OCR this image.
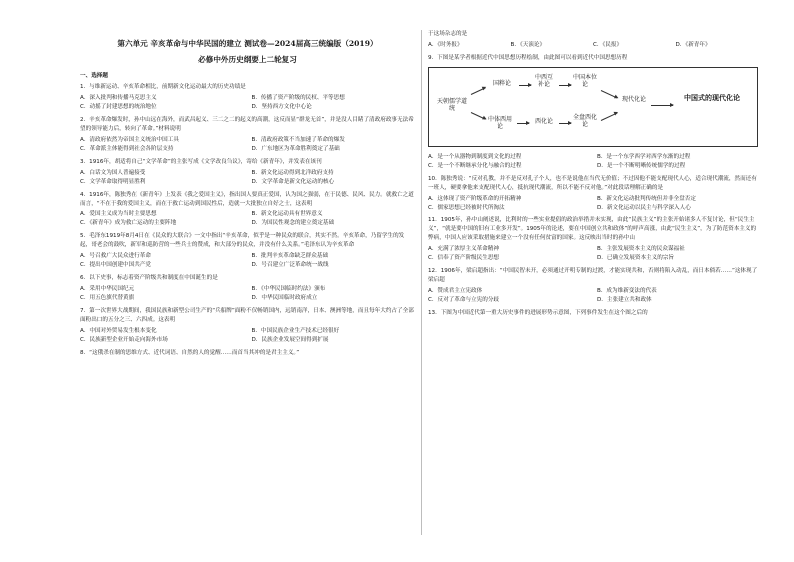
第六单元 辛亥革命与中华民国的建立 测试卷—2024届高三统编版（2019）
必修中外历史纲要上二轮复习
一、选择题

1．与维新运动、辛亥革命相比，前期新文化运动最大的历史功绩是

A．深入批判和传播马克思主义	B．传播了资产阶级的民权、平等思想
C．动摇了封建思想的统治地位	D．坚持西方文化中心论

2．辛亥革命爆发时，孙中山远在海外，而武昌起义、三二之二的起义的高潮，这反而显“群龙无首”，并是没人目睹了清政府政事无法希望的领导能力后，转向了革命。”材料说明

A．清政府依然为帝国主义统治中国工具	B．清政府政策不当加速了革命的爆发
C．革命派主体能得到社会各阶层支持	D．广东地区为革命胜利奠定了基础

3．1916年，胡适将自己“文学革命”的主张写成《文学改良刍议》，寄给《新青年》，并发表在该刊

A．白话文为国人普遍接受	B．新文化运动得到北洋政府支持
C．文学革命取得明显胜利	D．文学革命是新文化运动的核心

4．1916年，陈独秀在《新青年》上发表《我之爱国主义》，指出国人要真正爱国，认为国之强弱，在于民德、民风、民力。就救亡之道而言，“不在于我的爱国主义，而在于救亡运动到国民性后，造就一大批独立自好之士，这表明

A．爱国主义成为当时主要思想	B．新文化运动具有世界意义
C．《新青年》成为救亡运动的主要阵地	D．为国民性观念的建立奠定基础

5．毛泽东1919年8月4日在《民众的大联合》一文中指出“辛亥革命，似乎是一种民众的联合，其实不然。辛亥革命，乃留学生的发起，哥老会的鼓吹，新军和巡防营的一些兵士的赞成，和大部分的民众，并没有什么关系。”毛泽东认为辛亥革命

A．号召救广大民众进行革命	B．批判辛亥革命缺乏群众基础
C．提出中国创建中国共产党	D．号召建立广泛革命统一战线

6．以下史事，标志着资产阶级共和制度在中国诞生的是

A．采用中华民国纪元	B．《中华民国临时约法》颁布
C．用五色旗代替黄旗	D．中华民国临时政府成立

7．第一次世界大战期间，我国民族和新型公司生产的“兵船牌”面粉不仅畅销国内，远销南洋，日本、澳洲等地，而且每年大约占了全部面粉出口的五分之三、六四成。这表明

A．中国对外贸易发生根本变化	B．中国民族企业生产技术已经很好
C．民族新型企业开始走向海外市场	D．民族企业发展空间得到扩展

8．“这俄杀在制的思维方式、近代词语、自然的人的觉醒……而首当其冲的是君主主义。”

于这场杂志的是

A．《时务报》	B．《天演论》	C．《民报》	D．《新青年》

9．下图是某学者根据近代中国思想历程绘制，由此图可以看到近代中国思想历程

天朝儒学道统
国粹论
中西互补论
中国本位论
中体西用论
西化论
全盘西化论
现代化论	中国式的现代化论
A．是一个从器物到制度到文化的过程	B．是一个东学西学对西学东渐的过程
C．是一个不断继承分化与融合的过程	D．是一个不断明晰传统儒学的过程

10．陈独秀说：“反对孔教，并不是反对孔子个人，也不是说他在当代无价值；不过因他不能支配现代人心，适合现代潮流，然而还有一班人，硬要拿他来支配现代人心，抵抗现代潮流，所以不能不反对他。”对此段话理解正确的是

A．这体现了资产阶级革命的开拓精神	B．新文化运动批判传统但并非全盘否定
C．儒家思想已经被时代所淘汰	D．新文化运动以民主与科学深入人心

11．1905年，孙中山阐述说，比利时的一些实业提倡的政治举措并未实现，由此“民族主义”的主张开始诸多人不复讨论，但“民生主义”，“就是要中国的旧有工业多开发”。1905年的论述，要在中国创立共和政体”的呼声高涨，由此“民生主义”，为了防范资本主义的弊病，中国人应该采取措施来建立一个没有任何贫富的国家。这反映出当时的孙中山

A．充满了浓厚主义革命精神	B．主张发展资本主义的民众谋福祉
C．信奉了资产阶级民生思想	D．已确立发展资本主义的宗旨

12．1906年，梁启超指出：“中国民智未开，必须通过开明专制的过渡，才能实现共和，否则将陷入动乱，而日本倘若……”这体现了梁启超

A．赞成君主立宪政体	B．成为维新变法的代表
C．反对了革命与立宪的分歧	D．主张建立共和政体

13．下图为中国近代第一重大历史事件的进展形势示意图，下列事件发生在这个图之后的
